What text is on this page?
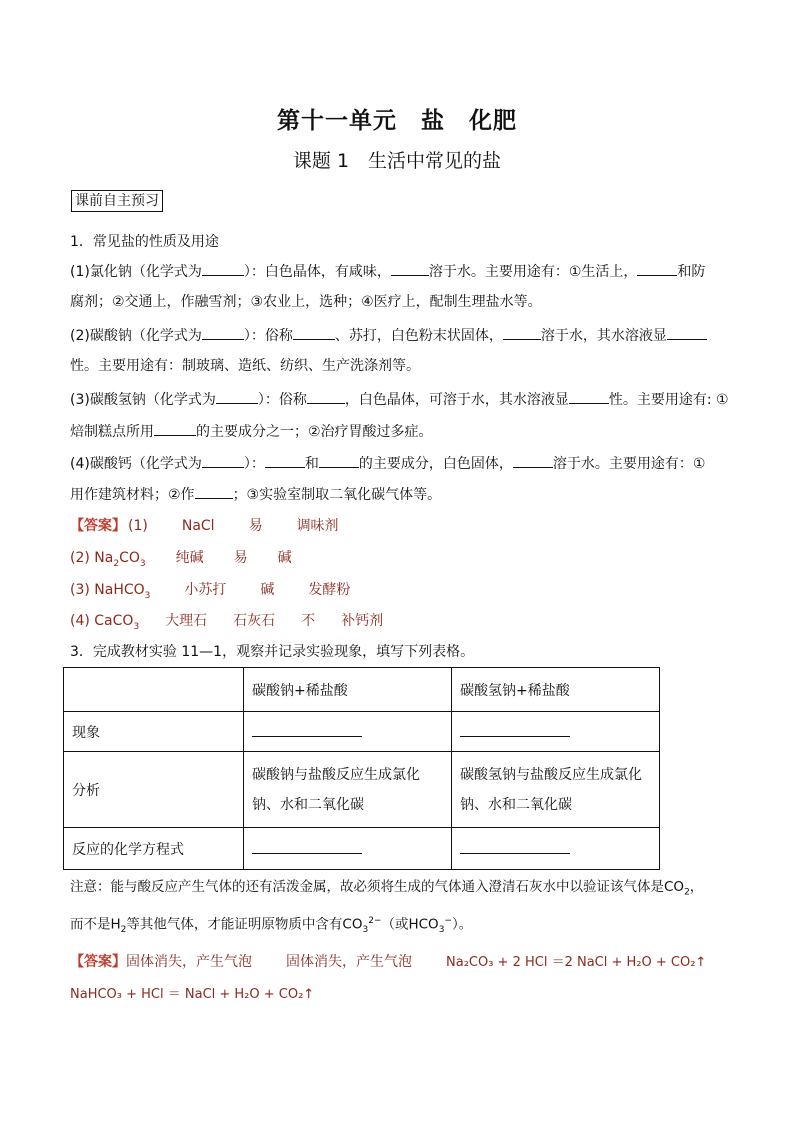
第十一单元　盐　化肥
课题 1　生活中常见的盐
课前自主预习
1．常见盐的性质及用途
(1)氯化钠（化学式为	）：白色晶体，有咸味，	溶于水。主要用途有：①生活上，	和防
腐剂；②交通上，作融雪剂；③农业上，选种；④医疗上，配制生理盐水等。
(2)碳酸钠（化学式为	）：俗称	、苏打，白色粉末状固体，	溶于水，其水溶液显
性。主要用途有：制玻璃、造纸、纺织、生产洗涤剂等。
(3)碳酸氢钠（化学式为	）：俗称	，白色晶体，可溶于水，其水溶液显	性。主要用途有: ①
焙制糕点所用	的主要成分之一；②治疗胃酸过多症。
(4)碳酸钙（化学式为	）：	和	的主要成分，白色固体，	溶于水。主要用途有：①
用作建筑材料；②作	；③实验室制取二氧化碳气体等。
【答案】 (1) NaCl 易 调味剂
(2) $Na_2CO_3$ 纯碱 易 碱
(3) NaHCO$_3$ 小苏打 碱 发酵粉
(4) CaCO$_3$ 大理石 石灰石 不 补钙剂
3．完成教材实验 11—1，观察并记录实验现象，填写下列表格。
	碳酸钠+稀盐酸	碳酸氢钠+稀盐酸
现象		
分析	碳酸钠与盐酸反应生成氯化钠、水和二氧化碳	碳酸氢钠与盐酸反应生成氯化钠、水和二氧化碳
反应的化学方程式		
注意：能与酸反应产生气体的还有活泼金属，故必须将生成的气体通入澄清石灰水中以验证该气体是$CO_2$，
而不是$H_2$等其他气体，才能证明原物质中含有$CO_3^{2-}$（或$HCO_3^-$）。
【答案】固体消失，产生气泡 固体消失，产生气泡	Na₂CO₃ + 2 HCl ＝2 NaCl + H₂O + CO₂↑
NaHCO₃ + HCl ＝ NaCl + H₂O + CO₂↑
